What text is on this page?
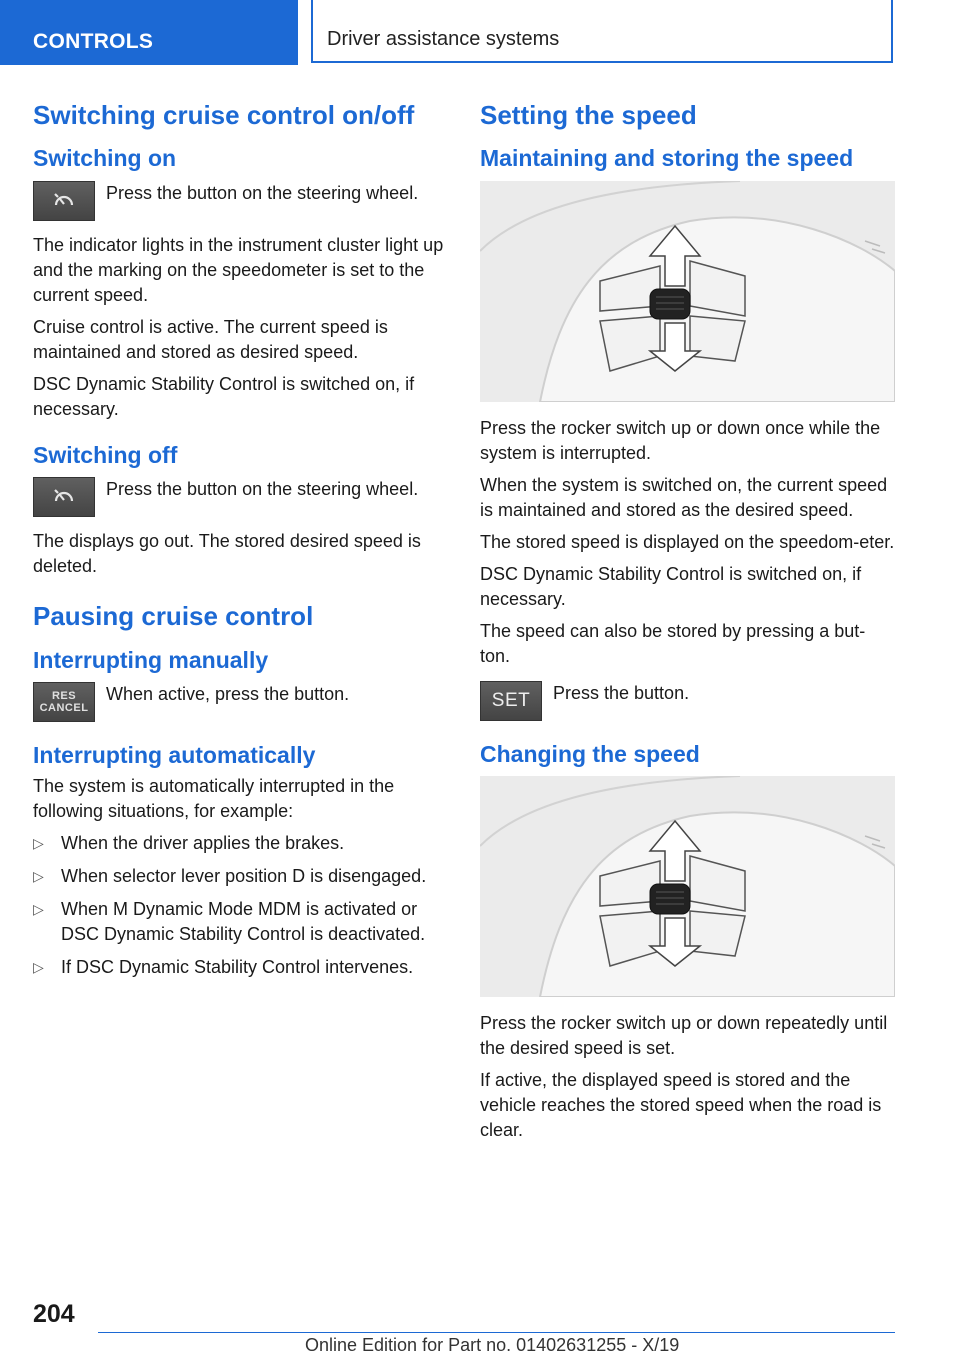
CONTROLS	Driver assistance systems
Switching cruise control on/off
Switching on

Press the button on the steering wheel.

The indicator lights in the instrument cluster light up and the marking on the speedometer is set to the current speed.

Cruise control is active. The current speed is maintained and stored as desired speed.

DSC Dynamic Stability Control is switched on, if necessary.

Switching off

Press the button on the steering wheel.

The displays go out. The stored desired speed is deleted.

Pausing cruise control
Interrupting manually
RES
CANCEL

When active, press the button.

Interrupting automatically

The system is automatically interrupted in the following situations, for example:

▷ When the driver applies the brakes.
▷ When selector lever position D is disengaged.
▷ When M Dynamic Mode MDM is activated or DSC Dynamic Stability Control is deactivated.
▷ If DSC Dynamic Stability Control intervenes.
Setting the speed
Maintaining and storing the speed

Press the rocker switch up or down once while the system is interrupted.

When the system is switched on, the current speed is maintained and stored as the desired speed.

The stored speed is displayed on the speedom-eter.

DSC Dynamic Stability Control is switched on, if necessary.

The speed can also be stored by pressing a but-ton.

SET Press the button.

Changing the speed

Press the rocker switch up or down repeatedly until the desired speed is set.

If active, the displayed speed is stored and the vehicle reaches the stored speed when the road is clear.

204
Online Edition for Part no. 01402631255 - X/19
